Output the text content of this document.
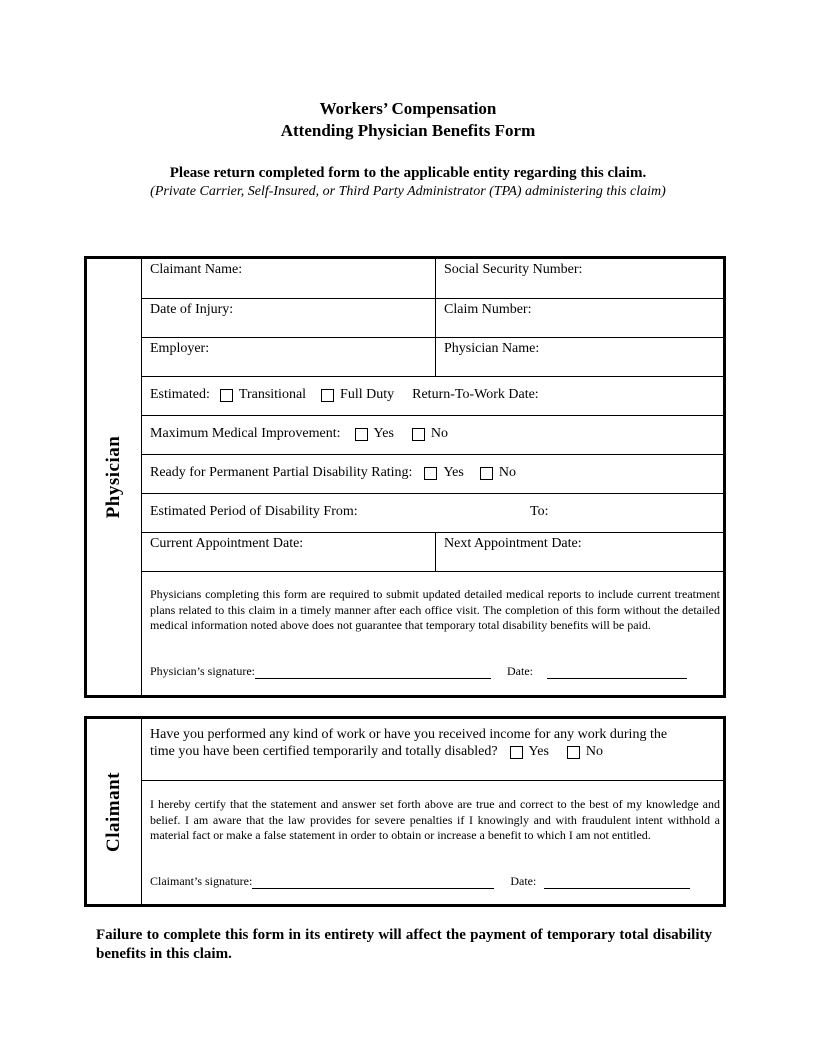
Workers’ Compensation
Attending Physician Benefits Form
Please return completed form to the applicable entity regarding this claim.
(Private Carrier, Self-Insured, or Third Party Administrator (TPA) administering this claim)
Physician
Claimant Name:	Social Security Number:
Date of Injury:	Claim Number:
Employer:	Physician Name:
Estimated: Transitional Full Duty Return-To-Work Date:
Maximum Medical Improvement: Yes	No
Ready for Permanent Partial Disability Rating: Yes	No
Estimated Period of Disability From:	To:
Current Appointment Date:	Next Appointment Date:
Physicians completing this form are required to submit updated detailed medical reports to include current treatment plans related to this claim in a timely manner after each office visit. The completion of this form without the detailed medical information noted above does not guarantee that temporary total disability benefits will be paid.
Physician’s signature:	Date:
Claimant
Have you performed any kind of work or have you received income for any work during the
time you have been certified temporarily and totally disabled? Yes	No
I hereby certify that the statement and answer set forth above are true and correct to the best of my knowledge and belief. I am aware that the law provides for severe penalties if I knowingly and with fraudulent intent withhold a material fact or make a false statement in order to obtain or increase a benefit to which I am not entitled.
Claimant’s signature:	Date:
Failure to complete this form in its entirety will affect the payment of temporary total disability benefits in this claim.
